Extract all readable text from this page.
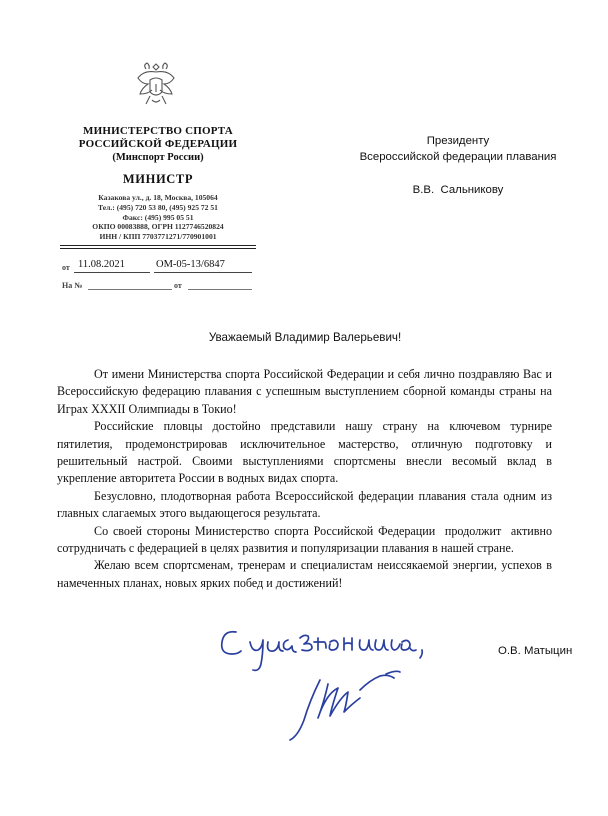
МИНИСТЕРСТВО СПОРТА
РОССИЙСКОЙ ФЕДЕРАЦИИ
(Минспорт России)
МИНИСТР
Казакова ул., д. 18, Москва, 105064
Тел.: (495) 720 53 80, (495) 925 72 51
Факс: (495) 995 05 51
ОКПО 00083888, ОГРН 1127746520824
ИНН / КПП 7703771271/770901001
от 11.08.2021	ОМ-05-13/6847
На №	от
Президенту
Всероссийской федерации плавания
В.В.  Сальникову
Уважаемый Владимир Валерьевич!

От имени Министерства спорта Российской Федерации и себя лично поздравляю Вас и Всероссийскую федерацию плавания с успешным выступлением сборной команды страны на Играх XXXII Олимпиады в Токио!

Российские пловцы достойно представили нашу страну на ключевом турнире пятилетия, продемонстрировав исключительное мастерство, отличную подготовку и решительный настрой. Своими выступлениями спортсмены внесли весомый вклад в укрепление авторитета России в водных видах спорта.

Безусловно, плодотворная работа Всероссийской федерации плавания стала одним из главных слагаемых этого выдающегося результата.

Со своей стороны Министерство спорта Российской Федерации  продолжит  активно сотрудничать с федерацией в целях развития и популяризации плавания в нашей стране.

Желаю всем спортсменам, тренерам и специалистам неиссякаемой энергии, успехов в намеченных планах, новых ярких побед и достижений!

О.В. Матыцин
